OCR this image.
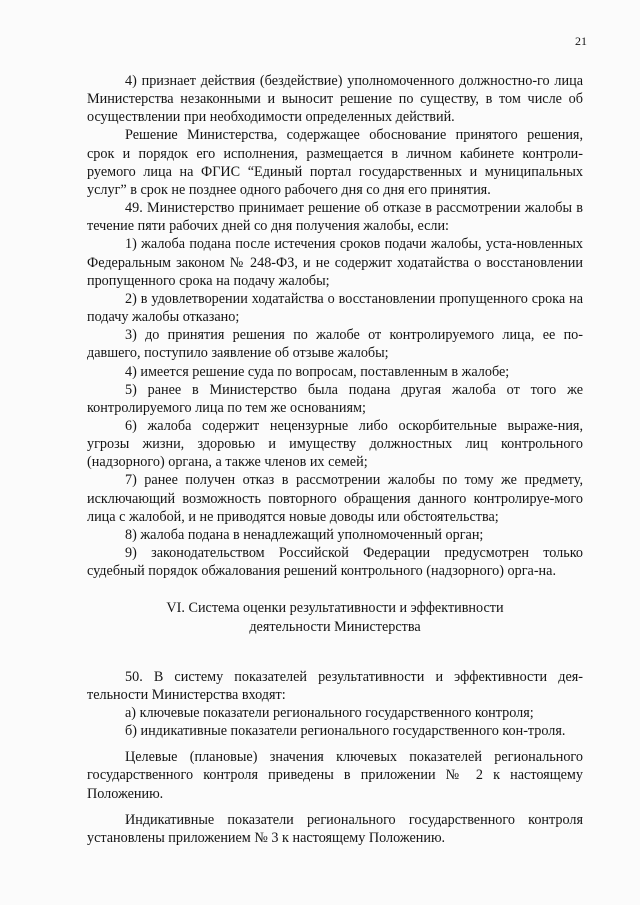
21

4) признает действия (бездействие) уполномоченного должностно-го лица Министерства незаконными и выносит решение по существу, в том числе об осуществлении при необходимости определенных действий.

Решение Министерства, содержащее обоснование принятого решения, срок и порядок его исполнения, размещается в личном кабинете контроли-руемого лица на ФГИС “Единый портал государственных и муниципальных услуг” в срок не позднее одного рабочего дня со дня его принятия.

49. Министерство принимает решение об отказе в рассмотрении жалобы в течение пяти рабочих дней со дня получения жалобы, если:

1) жалоба подана после истечения сроков подачи жалобы, уста-новленных Федеральным законом № 248-ФЗ, и не содержит ходатайства о восстановлении пропущенного срока на подачу жалобы;

2) в удовлетворении ходатайства о восстановлении пропущенного срока на подачу жалобы отказано;

3) до принятия решения по жалобе от контролируемого лица, ее по-давшего, поступило заявление об отзыве жалобы;

4) имеется решение суда по вопросам, поставленным в жалобе;

5) ранее в Министерство была подана другая жалоба от того же контролируемого лица по тем же основаниям;

6) жалоба содержит нецензурные либо оскорбительные выраже-ния, угрозы жизни, здоровью и имуществу должностных лиц контрольного (надзорного) органа, а также членов их семей;

7) ранее получен отказ в рассмотрении жалобы по тому же предмету, исключающий возможность повторного обращения данного контролируе-мого лица с жалобой, и не приводятся новые доводы или обстоятельства;

8) жалоба подана в ненадлежащий уполномоченный орган;

9) законодательством Российской Федерации предусмотрен только судебный порядок обжалования решений контрольного (надзорного) орга-на.

VI. Система оценки результативности и эффективности

деятельности Министерства

50. В систему показателей результативности и эффективности дея-тельности Министерства входят:

а) ключевые показатели регионального государственного контроля;

б) индикативные показатели регионального государственного кон-троля.

Целевые (плановые) значения ключевых показателей регионального государственного контроля приведены в приложении № 2 к настоящему Положению.

Индикативные показатели регионального государственного контроля установлены приложением № 3 к настоящему Положению.
